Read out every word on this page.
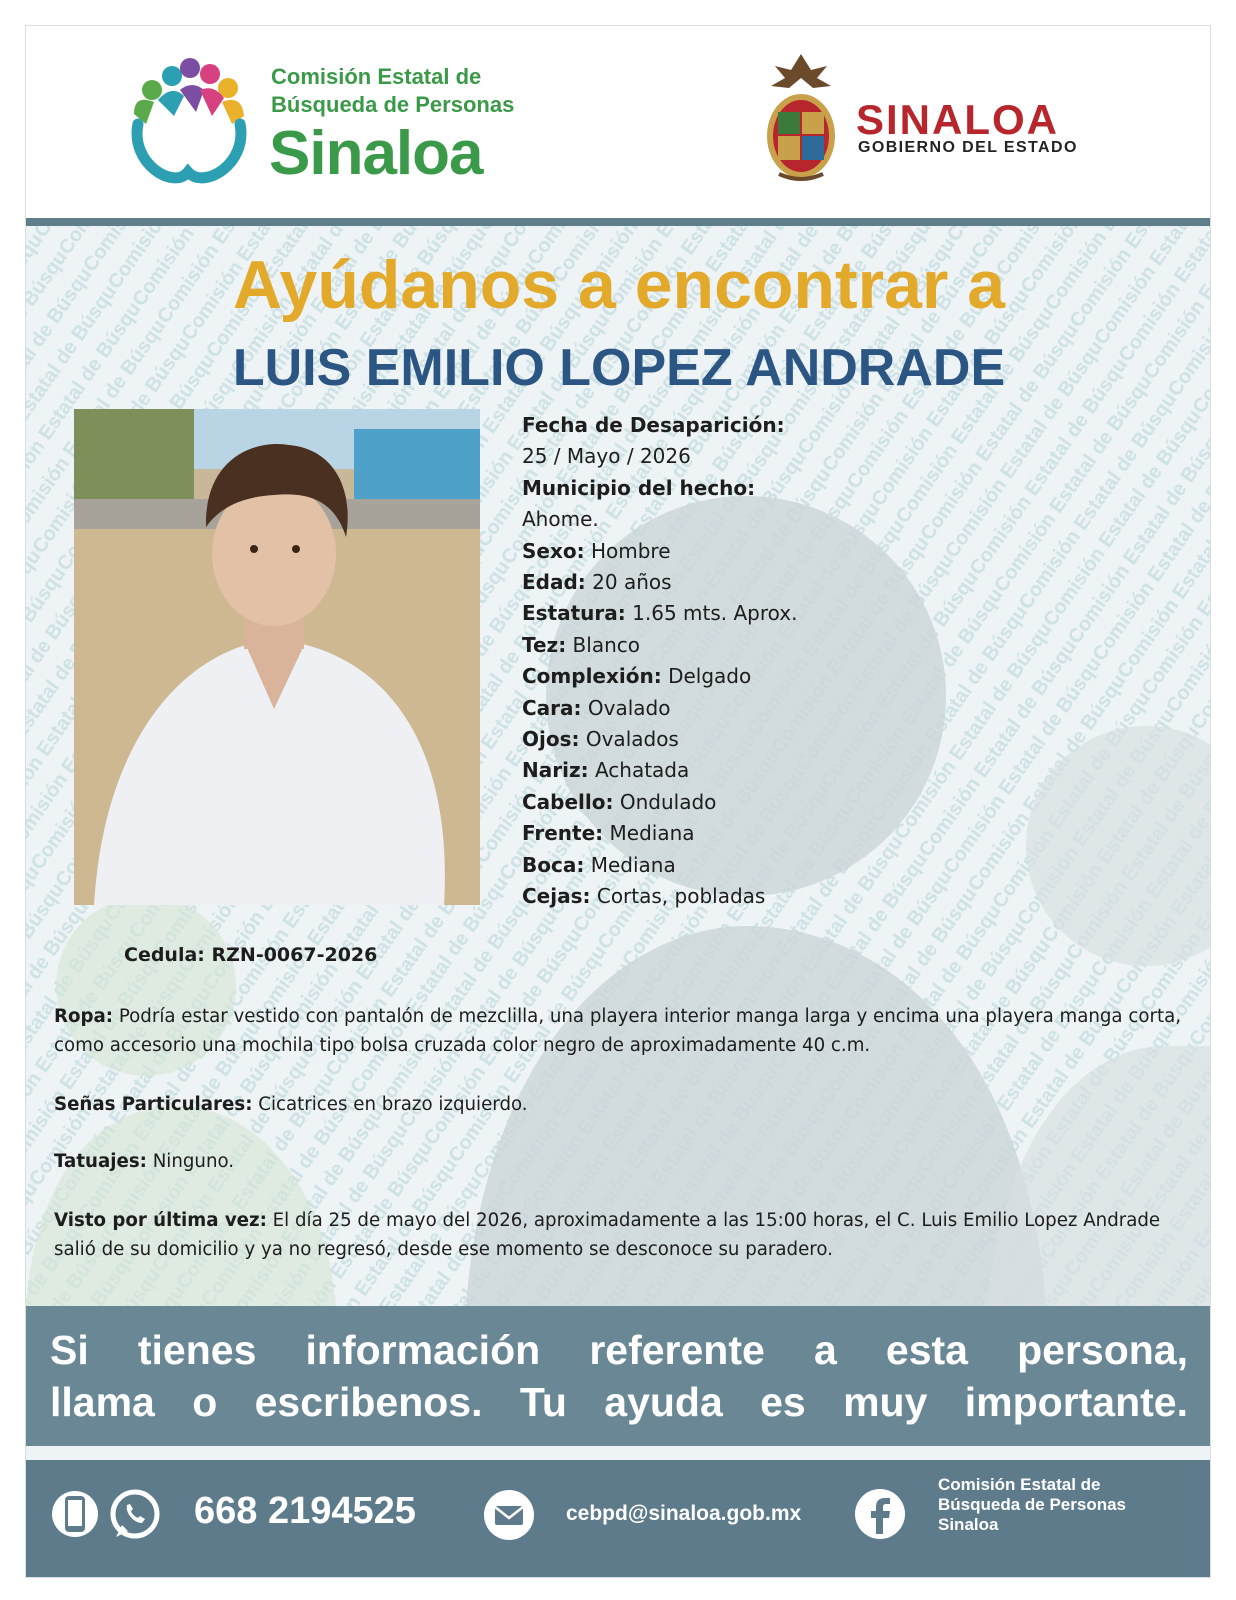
Comisión Estatal de
Búsqueda de Personas
Sinaloa	SINALOA
GOBIERNO DEL ESTADO
Ayúdanos a encontrar a
LUIS EMILIO LOPEZ ANDRADE
Fecha de Desaparición:
25 / Mayo / 2026
Municipio del hecho:
Ahome.
Sexo: Hombre
Edad: 20 años
Estatura: 1.65 mts. Aprox.
Tez: Blanco
Complexión: Delgado
Cara: Ovalado
Ojos: Ovalados
Nariz: Achatada
Cabello: Ondulado
Frente: Mediana
Boca: Mediana
Cejas: Cortas, pobladas
Cedula: RZN-0067-2026
Ropa: Podría estar vestido con pantalón de mezclilla, una playera interior manga larga y encima una playera manga corta, como accesorio una mochila tipo bolsa cruzada color negro de aproximadamente 40 c.m.
Señas Particulares: Cicatrices en brazo izquierdo.
Tatuajes: Ninguno.
Visto por última vez: El día 25 de mayo del 2026, aproximadamente a las 15:00 horas, el C. Luis Emilio Lopez Andrade salió de su domicilio y ya no regresó, desde ese momento se desconoce su paradero.
Si tienes información referente a esta persona,
llama o escribenos. Tu ayuda es muy importante.
668 2194525	cebpd@sinaloa.gob.mx
Comisión Estatal de
Búsqueda de Personas
Sinaloa
